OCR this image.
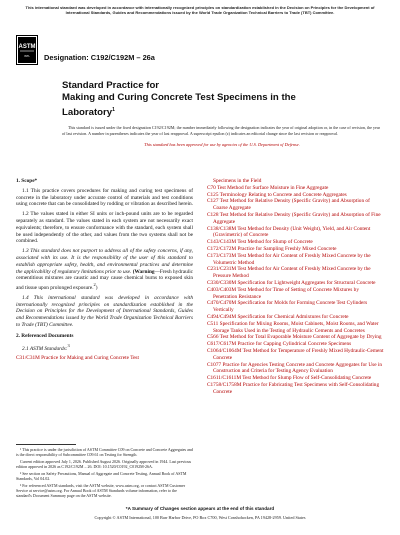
This international standard was developed in accordance with internationally recognized principles on standardization established in the Decision on Principles for the Development of International Standards, Guides and Recommendations issued by the World Trade Organization Technical Barriers to Trade (TBT) Committee.
ASTM
INTL Designation: C192/C192M – 26a
Standard Practice for
Making and Curing Concrete Test Specimens in the
Laboratory$^1$

This standard is issued under the fixed designation C192/C192M; the number immediately following the designation indicates the year of original adoption or, in the case of revision, the year of last revision. A number in parentheses indicates the year of last reapproval. A superscript epsilon (ε) indicates an editorial change since the last revision or reapproval.

This standard has been approved for use by agencies of the U.S. Department of Defense.
1. Scope*

1.1 This practice covers procedures for making and curing test specimens of concrete in the laboratory under accurate control of materials and test conditions using concrete that can be consolidated by rodding or vibration as described herein.

1.2 The values stated in either SI units or inch-pound units are to be regarded separately as standard. The values stated in each system are not necessarily exact equivalents; therefore, to ensure conformance with the standard, each system shall be used independently of the other, and values from the two systems shall not be combined.

1.3 This standard does not purport to address all of the safety concerns, if any, associated with its use. It is the responsibility of the user of this standard to establish appropriate safety, health, and environmental practices and determine the applicability of regulatory limitations prior to use. (Warning—Fresh hydraulic cementitious mixtures are caustic and may cause chemical burns to exposed skin and tissue upon prolonged exposure.$^2$)

1.4 This international standard was developed in accordance with internationally recognized principles on standardization established in the Decision on Principles for the Development of International Standards, Guides and Recommendations issued by the World Trade Organization Technical Barriers to Trade (TBT) Committee.

2. Referenced Documents

2.1 ASTM Standards:$^3$

C31/C31M Practice for Making and Curing Concrete Test

¹ This practice is under the jurisdiction of ASTM Committee C09 on Concrete and Concrete Aggregates and is the direct responsibility of Subcommittee C09.61 on Testing for Strength.

Current edition approved July 1, 2026. Published August 2026. Originally approved in 1944. Last previous edition approved in 2026 as C192/C192M – 26. DOI: 10.1520/C0192_C0192M-26A.

² See section on Safety Precautions, Manual of Aggregate and Concrete Testing, Annual Book of ASTM Standards, Vol 04.02.

³ For referenced ASTM standards, visit the ASTM website, www.astm.org, or contact ASTM Customer Service at service@astm.org. For Annual Book of ASTM Standards volume information, refer to the standard's Document Summary page on the ASTM website.

Specimens in the Field
C70 Test Method for Surface Moisture in Fine Aggregate
C125 Terminology Relating to Concrete and Concrete Aggregates
C127 Test Method for Relative Density (Specific Gravity) and Absorption of Coarse Aggregate
C128 Test Method for Relative Density (Specific Gravity) and Absorption of Fine Aggregate
C138/C138M Test Method for Density (Unit Weight), Yield, and Air Content (Gravimetric) of Concrete
C143/C143M Test Method for Slump of Concrete
C172/C172M Practice for Sampling Freshly Mixed Concrete
C173/C173M Test Method for Air Content of Freshly Mixed Concrete by the Volumetric Method
C231/C231M Test Method for Air Content of Freshly Mixed Concrete by the Pressure Method
C330/C330M Specification for Lightweight Aggregates for Structural Concrete
C403/C403M Test Method for Time of Setting of Concrete Mixtures by Penetration Resistance
C470/C470M Specification for Molds for Forming Concrete Test Cylinders Vertically
C494/C494M Specification for Chemical Admixtures for Concrete
C511 Specification for Mixing Rooms, Moist Cabinets, Moist Rooms, and Water Storage Tanks Used in the Testing of Hydraulic Cements and Concretes
C566 Test Method for Total Evaporable Moisture Content of Aggregate by Drying
C617/C617M Practice for Capping Cylindrical Concrete Specimens
C1064/C1064M Test Method for Temperature of Freshly Mixed Hydraulic-Cement Concrete
C1077 Practice for Agencies Testing Concrete and Concrete Aggregates for Use in Construction and Criteria for Testing Agency Evaluation
C1611/C1611M Test Method for Slump Flow of Self-Consolidating Concrete
C1758/C1758M Practice for Fabricating Test Specimens with Self-Consolidating Concrete
*A Summary of Changes section appears at the end of this standard
Copyright © ASTM International, 100 Barr Harbor Drive, PO Box C700, West Conshohocken, PA 19428-2959. United States
